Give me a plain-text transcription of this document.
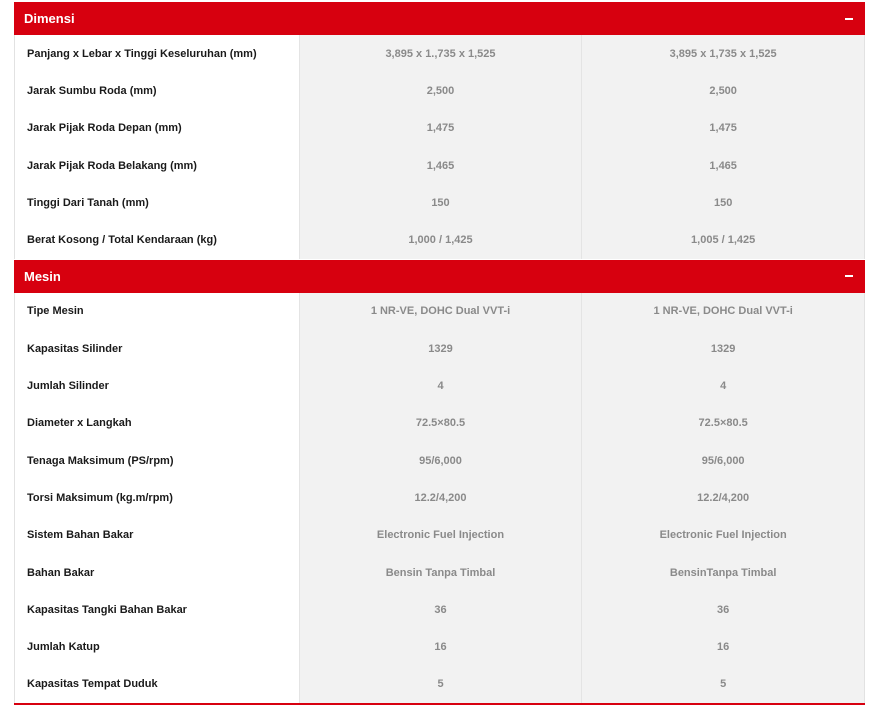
Dimensi
Panjang x Lebar x Tinggi Keseluruhan (mm)	3,895 x 1.,735 x 1,525	3,895 x 1,735 x 1,525
Jarak Sumbu Roda (mm)	2,500	2,500
Jarak Pijak Roda Depan (mm)	1,475	1,475
Jarak Pijak Roda Belakang (mm)	1,465	1,465
Tinggi Dari Tanah (mm)	150	150
Berat Kosong / Total Kendaraan (kg)	1,000 / 1,425	1,005 / 1,425
Mesin
Tipe Mesin	1 NR-VE, DOHC Dual VVT-i	1 NR-VE, DOHC Dual VVT-i
Kapasitas Silinder	1329	1329
Jumlah Silinder	4	4
Diameter x Langkah	72.5×80.5	72.5×80.5
Tenaga Maksimum (PS/rpm)	95/6,000	95/6,000
Torsi Maksimum (kg.m/rpm)	12.2/4,200	12.2/4,200
Sistem Bahan Bakar	Electronic Fuel Injection	Electronic Fuel Injection
Bahan Bakar	Bensin Tanpa Timbal	BensinTanpa Timbal
Kapasitas Tangki Bahan Bakar	36	36
Jumlah Katup	16	16
Kapasitas Tempat Duduk	5	5
